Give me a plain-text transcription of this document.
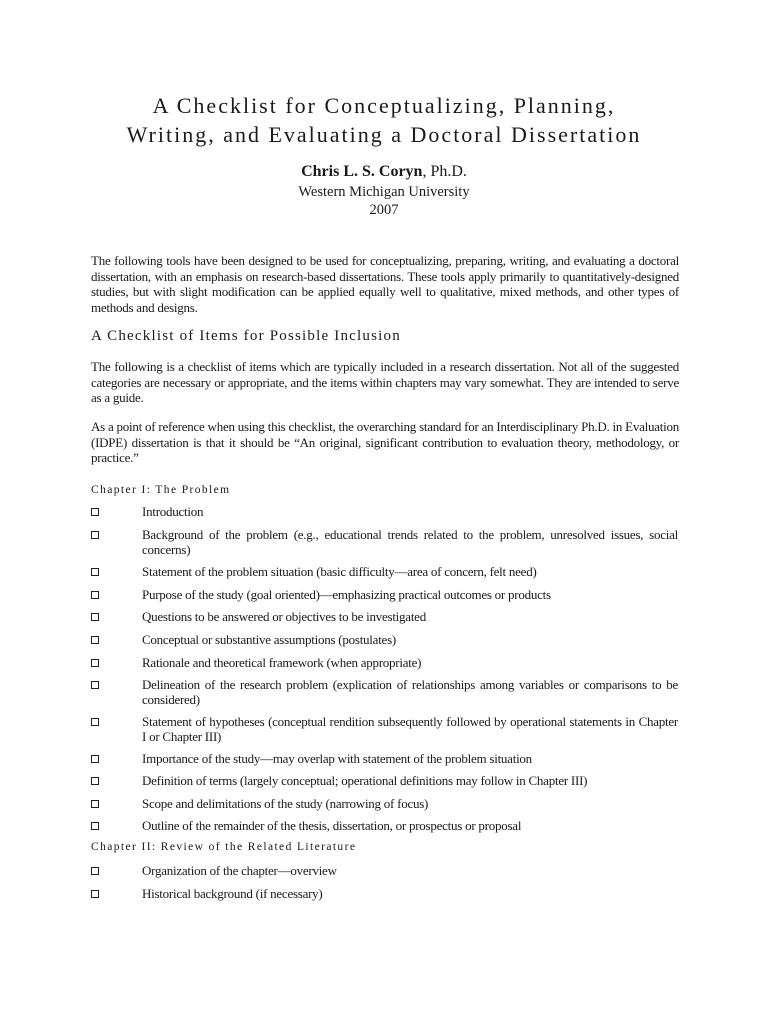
A Checklist for Conceptualizing, Planning,
Writing, and Evaluating a Doctoral Dissertation
Chris L. S. Coryn, Ph.D.
Western Michigan University
2007

The following tools have been designed to be used for conceptualizing, preparing, writing, and evaluating a doctoral dissertation, with an emphasis on research-based dissertations. These tools apply primarily to quantitatively-designed studies, but with slight modification can be applied equally well to qualitative, mixed methods, and other types of methods and designs.

A Checklist of Items for Possible Inclusion

The following is a checklist of items which are typically included in a research dissertation. Not all of the suggested categories are necessary or appropriate, and the items within chapters may vary somewhat. They are intended to serve as a guide.

As a point of reference when using this checklist, the overarching standard for an Interdisciplinary Ph.D. in Evaluation (IDPE) dissertation is that it should be “An original, significant contribution to evaluation theory, methodology, or practice.”

Chapter I: The Problem
Introduction
Background of the problem (e.g., educational trends related to the problem, unresolved issues, social concerns)
Statement of the problem situation (basic difficulty—area of concern, felt need)
Purpose of the study (goal oriented)—emphasizing practical outcomes or products
Questions to be answered or objectives to be investigated
Conceptual or substantive assumptions (postulates)
Rationale and theoretical framework (when appropriate)
Delineation of the research problem (explication of relationships among variables or comparisons to be considered)
Statement of hypotheses (conceptual rendition subsequently followed by operational statements in Chapter I or Chapter III)
Importance of the study—may overlap with statement of the problem situation
Definition of terms (largely conceptual; operational definitions may follow in Chapter III)
Scope and delimitations of the study (narrowing of focus)
Outline of the remainder of the thesis, dissertation, or prospectus or proposal
Chapter II: Review of the Related Literature
Organization of the chapter—overview
Historical background (if necessary)
